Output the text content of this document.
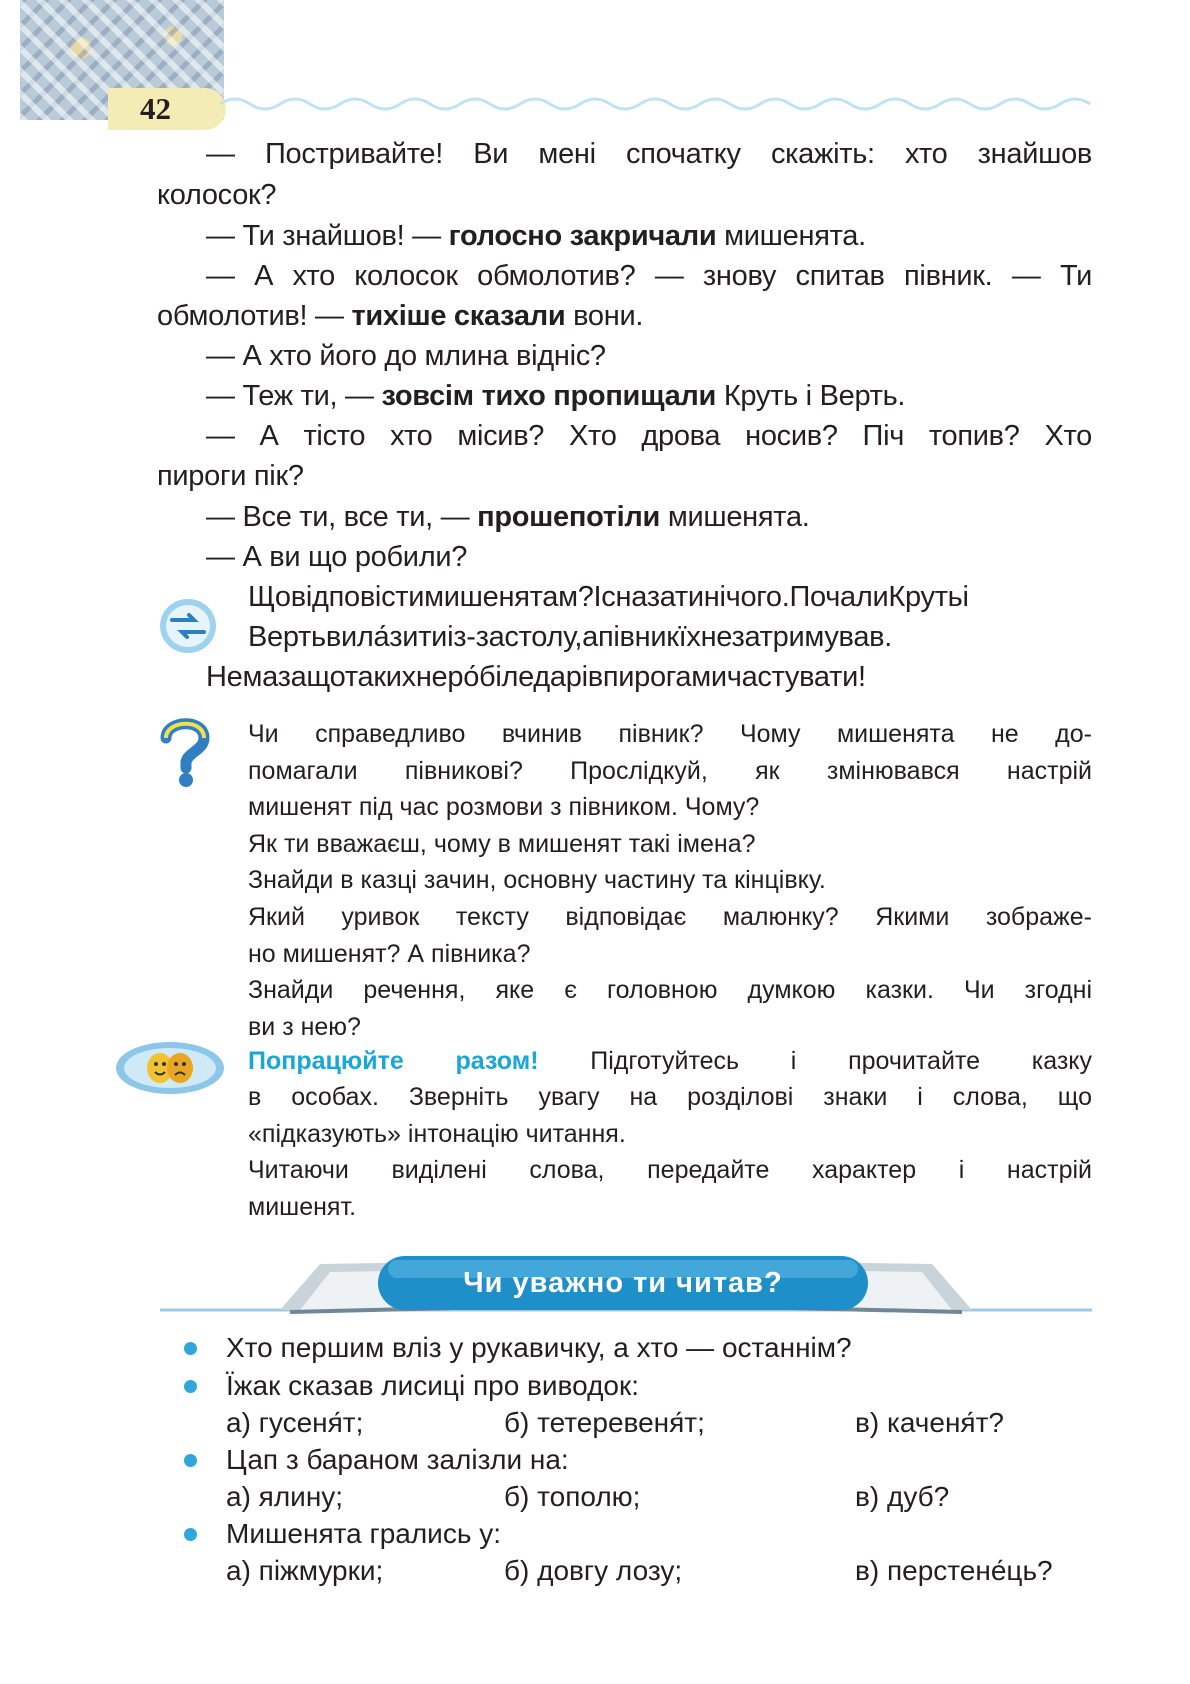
42
— Постривайте! Ви мені спочатку скажіть: хто знайшов
колосок?
— Ти знайшов! — голосно закричали мишенята.
— А хто колосок обмолотив? — знову спитав півник. — Ти
обмолотив! — тихіше сказали вони.
— А хто його до млина відніс?
— Теж ти, — зовсім тихо пропищали Круть і Верть.
— А тісто хто місив? Хто дрова носив? Піч топив? Хто
пироги пік?
— Все ти, все ти, — прошепотіли мишенята.
— А ви що робили?
Щовідповістимишенятам?Існазатинічого.ПочалиКрутьі
Вертьвила́зитиіз-застолу,апівникїхнезатримував.
Немазащотакихнеро́біледарівпирогамичастувати!
Чи справедливо вчинив півник? Чому мишенята не до-
помагали півникові? Прослідкуй, як змінювався настрій
мишенят під час розмови з півником. Чому?
Як ти вважаєш, чому в мишенят такі імена?
Знайди в казці зачин, основну частину та кінцівку.
Який уривок тексту відповідає малюнку? Якими зображе-
но мишенят? А півника?
Знайди речення, яке є головною думкою казки. Чи згодні
ви з нею?
Попрацюйте разом! Підготуйтесь і прочитайте казку
в особах. Зверніть увагу на розділові знаки і слова, що
«підказують» інтонацію читання.
Читаючи виділені слова, передайте характер і настрій
мишенят.
Чи уважно ти читав?
Хто першим вліз у рукавичку, а хто — останнім?
Їжак сказав лисиці про виводок:
а) гусеня́т;	б) тетеревеня́т;	в) каченя́т?
Цап з бараном залізли на:
а) ялину;	б) тополю;	в) дуб?
Мишенята грались у:
а) піжмурки;	б) довгу лозу;	в) перстене́ць?
